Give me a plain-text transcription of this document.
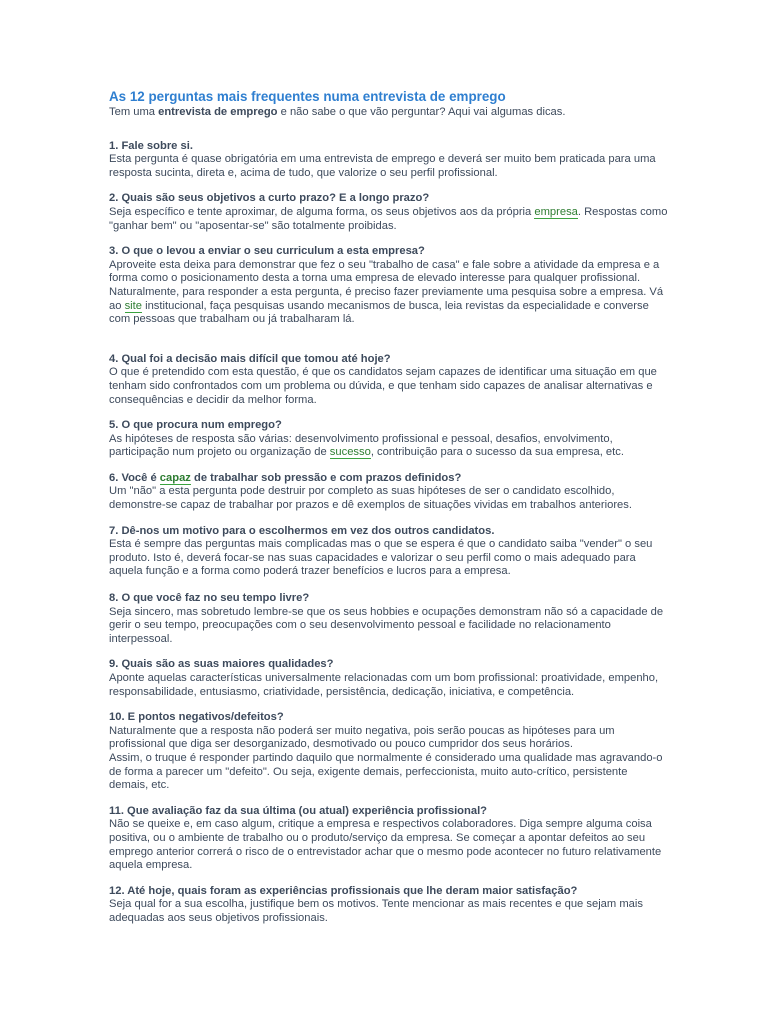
As 12 perguntas mais frequentes numa entrevista de emprego

Tem uma entrevista de emprego e não sabe o que vão perguntar? Aqui vai algumas dicas.

1. Fale sobre si.
Esta pergunta é quase obrigatória em uma entrevista de emprego e deverá ser muito bem praticada para uma
resposta sucinta, direta e, acima de tudo, que valorize o seu perfil profissional.
2. Quais são seus objetivos a curto prazo? E a longo prazo?
Seja específico e tente aproximar, de alguma forma, os seus objetivos aos da própria empresa. Respostas como
"ganhar bem" ou "aposentar-se" são totalmente proibidas.
3. O que o levou a enviar o seu curriculum a esta empresa?
Aproveite esta deixa para demonstrar que fez o seu "trabalho de casa" e fale sobre a atividade da empresa e a
forma como o posicionamento desta a torna uma empresa de elevado interesse para qualquer profissional.
Naturalmente, para responder a esta pergunta, é preciso fazer previamente uma pesquisa sobre a empresa. Vá
ao site institucional, faça pesquisas usando mecanismos de busca, leia revistas da especialidade e converse
com pessoas que trabalham ou já trabalharam lá.
4. Qual foi a decisão mais difícil que tomou até hoje?
O que é pretendido com esta questão, é que os candidatos sejam capazes de identificar uma situação em que
tenham sido confrontados com um problema ou dúvida, e que tenham sido capazes de analisar alternativas e
consequências e decidir da melhor forma.
5. O que procura num emprego?
As hipóteses de resposta são várias: desenvolvimento profissional e pessoal, desafios, envolvimento,
participação num projeto ou organização de sucesso, contribuição para o sucesso da sua empresa, etc.
6. Você é capaz de trabalhar sob pressão e com prazos definidos?
Um "não" a esta pergunta pode destruir por completo as suas hipóteses de ser o candidato escolhido,
demonstre-se capaz de trabalhar por prazos e dê exemplos de situações vividas em trabalhos anteriores.
7. Dê-nos um motivo para o escolhermos em vez dos outros candidatos.
Esta é sempre das perguntas mais complicadas mas o que se espera é que o candidato saiba "vender" o seu
produto. Isto é, deverá focar-se nas suas capacidades e valorizar o seu perfil como o mais adequado para
aquela função e a forma como poderá trazer benefícios e lucros para a empresa.
8. O que você faz no seu tempo livre?
Seja sincero, mas sobretudo lembre-se que os seus hobbies e ocupações demonstram não só a capacidade de
gerir o seu tempo, preocupações com o seu desenvolvimento pessoal e facilidade no relacionamento
interpessoal.
9. Quais são as suas maiores qualidades?
Aponte aquelas características universalmente relacionadas com um bom profissional: proatividade, empenho,
responsabilidade, entusiasmo, criatividade, persistência, dedicação, iniciativa, e competência.
10. E pontos negativos/defeitos?
Naturalmente que a resposta não poderá ser muito negativa, pois serão poucas as hipóteses para um
profissional que diga ser desorganizado, desmotivado ou pouco cumpridor dos seus horários.
Assim, o truque é responder partindo daquilo que normalmente é considerado uma qualidade mas agravando-o
de forma a parecer um "defeito". Ou seja, exigente demais, perfeccionista, muito auto-crítico, persistente
demais, etc.
11. Que avaliação faz da sua última (ou atual) experiência profissional?
Não se queixe e, em caso algum, critique a empresa e respectivos colaboradores. Diga sempre alguma coisa
positiva, ou o ambiente de trabalho ou o produto/serviço da empresa. Se começar a apontar defeitos ao seu
emprego anterior correrá o risco de o entrevistador achar que o mesmo pode acontecer no futuro relativamente
aquela empresa.
12. Até hoje, quais foram as experiências profissionais que lhe deram maior satisfação?
Seja qual for a sua escolha, justifique bem os motivos. Tente mencionar as mais recentes e que sejam mais
adequadas aos seus objetivos profissionais.
